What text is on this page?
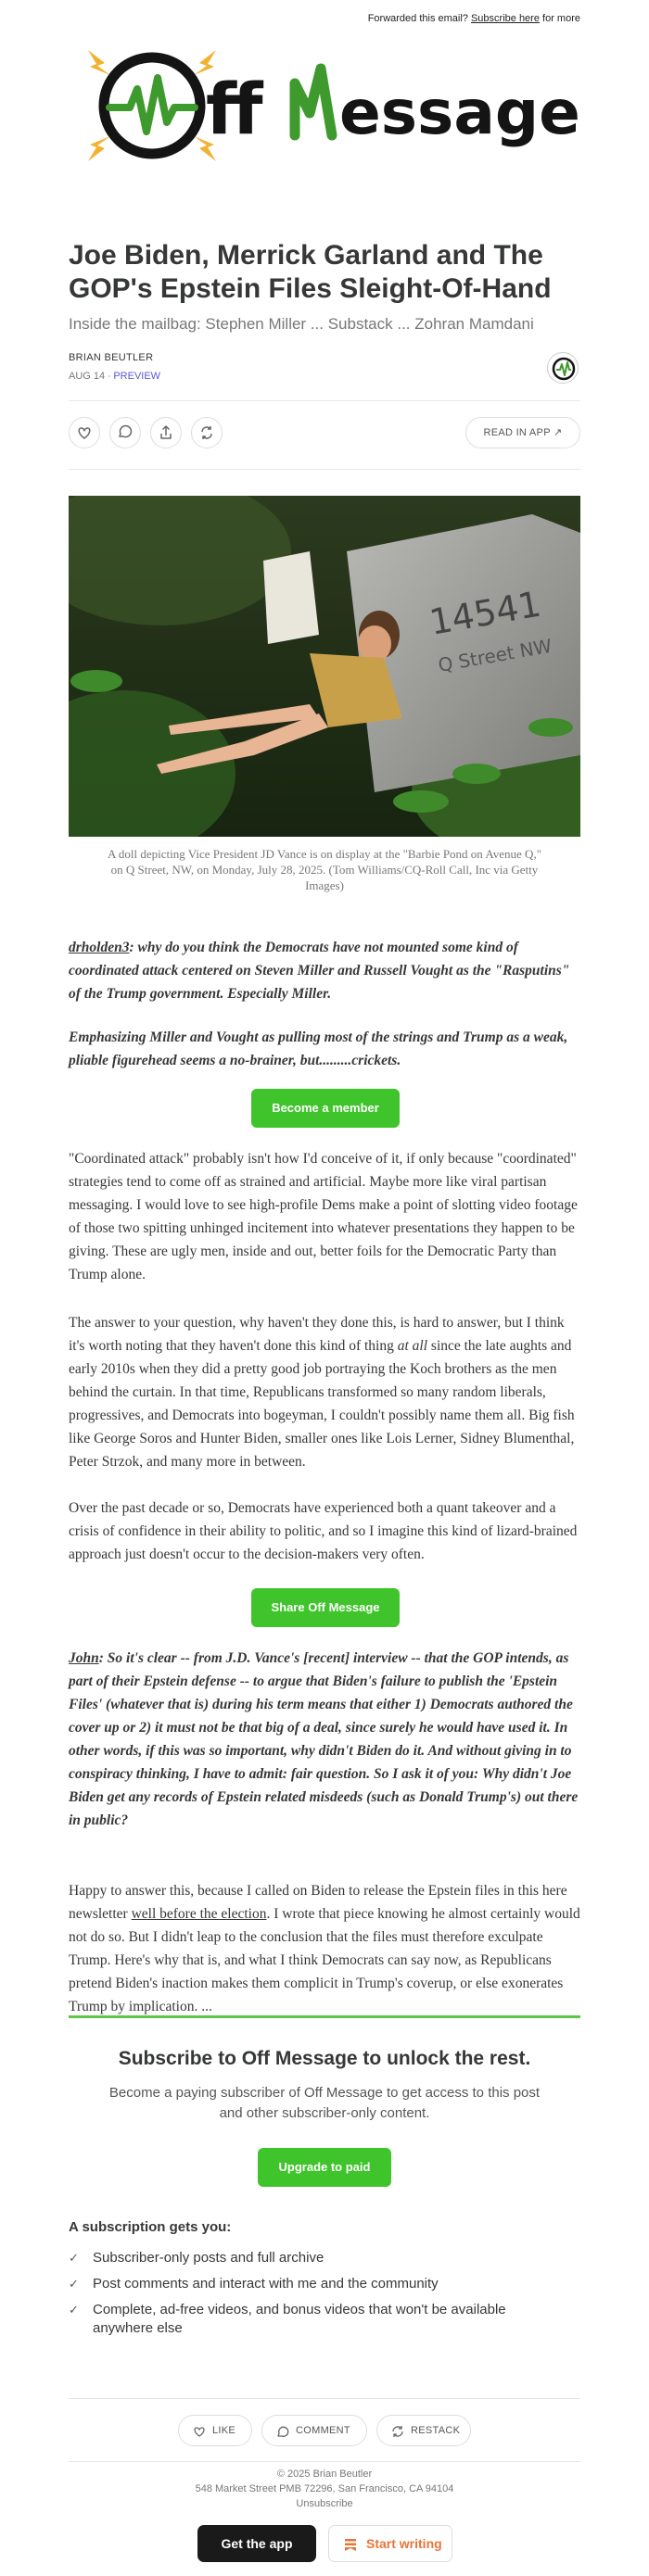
Forwarded this email? Subscribe here for more
ff essage
Joe Biden, Merrick Garland and The GOP's Epstein Files Sleight-Of-Hand
Inside the mailbag: Stephen Miller ... Substack ... Zohran Mamdani
BRIAN BEUTLER
AUG 14 ∙ PREVIEW
READ IN APP ↗
14541
Q Street NW
A doll depicting Vice President JD Vance is on display at the "Barbie Pond on Avenue Q," on Q Street, NW, on Monday, July 28, 2025. (Tom Williams/CQ-Roll Call, Inc via Getty Images)
drholden3: why do you think the Democrats have not mounted some kind of coordinated attack centered on Steven Miller and Russell Vought as the "Rasputins" of the Trump government. Especially Miller.
Emphasizing Miller and Vought as pulling most of the strings and Trump as a weak, pliable figurehead seems a no-brainer, but.........crickets.
Become a member
"Coordinated attack" probably isn't how I'd conceive of it, if only because "coordinated" strategies tend to come off as strained and artificial. Maybe more like viral partisan messaging. I would love to see high-profile Dems make a point of slotting video footage of those two spitting unhinged incitement into whatever presentations they happen to be giving. These are ugly men, inside and out, better foils for the Democratic Party than Trump alone.
The answer to your question, why haven't they done this, is hard to answer, but I think it's worth noting that they haven't done this kind of thing at all since the late aughts and early 2010s when they did a pretty good job portraying the Koch brothers as the men behind the curtain. In that time, Republicans transformed so many random liberals, progressives, and Democrats into bogeyman, I couldn't possibly name them all. Big fish like George Soros and Hunter Biden, smaller ones like Lois Lerner, Sidney Blumenthal, Peter Strzok, and many more in between.
Over the past decade or so, Democrats have experienced both a quant takeover and a crisis of confidence in their ability to politic, and so I imagine this kind of lizard-brained approach just doesn't occur to the decision-makers very often.
Share Off Message
John: So it's clear -- from J.D. Vance's [recent] interview -- that the GOP intends, as part of their Epstein defense -- to argue that Biden's failure to publish the 'Epstein Files' (whatever that is) during his term means that either 1) Democrats authored the cover up or 2) it must not be that big of a deal, since surely he would have used it. In other words, if this was so important, why didn't Biden do it. And without giving in to conspiracy thinking, I have to admit: fair question. So I ask it of you: Why didn't Joe Biden get any records of Epstein related misdeeds (such as Donald Trump's) out there in public?
Happy to answer this, because I called on Biden to release the Epstein files in this here newsletter well before the election. I wrote that piece knowing he almost certainly would not do so. But I didn't leap to the conclusion that the files must therefore exculpate Trump. Here's why that is, and what I think Democrats can say now, as Republicans pretend Biden's inaction makes them complicit in Trump's coverup, or else exonerates Trump by implication. ...
Subscribe to Off Message to unlock the rest.
Become a paying subscriber of Off Message to get access to this post and other subscriber-only content.
Upgrade to paid
A subscription gets you:
✓ Subscriber-only posts and full archive
✓ Post comments and interact with me and the community
✓ Complete, ad-free videos, and bonus videos that won't be available anywhere else
LIKE	COMMENT	RESTACK
© 2025 Brian Beutler
548 Market Street PMB 72296, San Francisco, CA 94104
Unsubscribe
Get the app	Start writing
